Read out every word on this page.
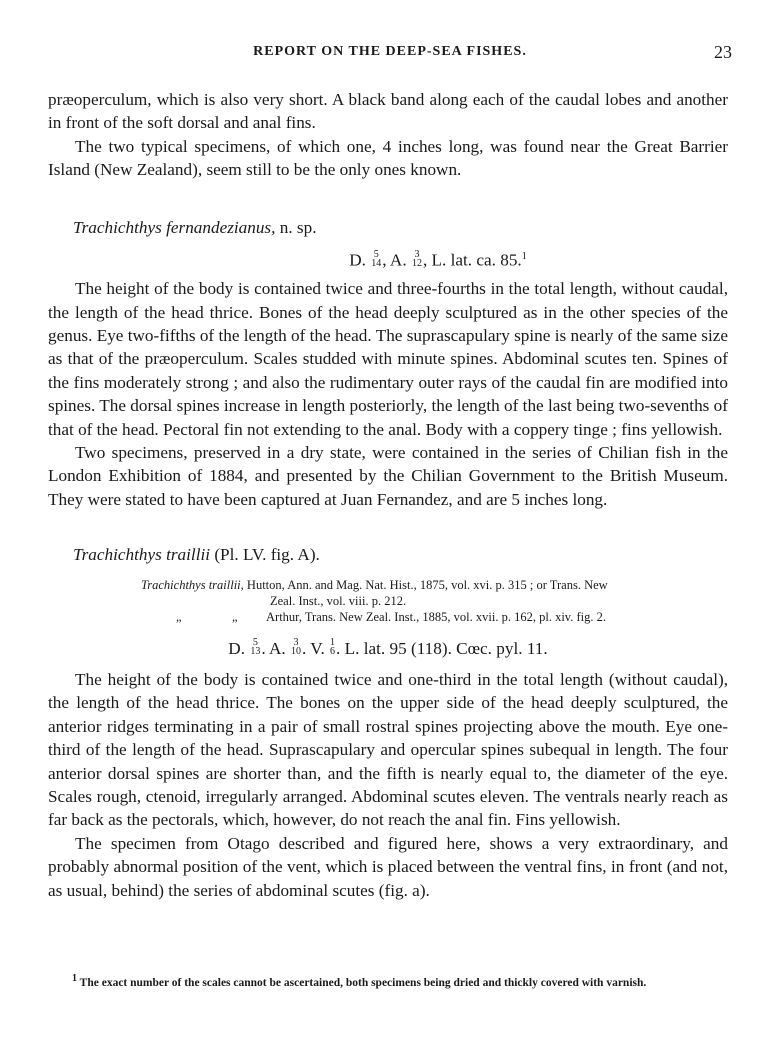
REPORT ON THE DEEP-SEA FISHES.	23

præoperculum, which is also very short. A black band along each of the caudal lobes and another in front of the soft dorsal and anal fins.

The two typical specimens, of which one, 4 inches long, was found near the Great Barrier Island (New Zealand), seem still to be the only ones known.

Trachichthys fernandezianus, n. sp.

D. 5
14 , A. 3
12 , L. lat. ca. 85.$^1$

The height of the body is contained twice and three-fourths in the total length, without caudal, the length of the head thrice. Bones of the head deeply sculptured as in the other species of the genus. Eye two-fifths of the length of the head. The suprascapulary spine is nearly of the same size as that of the præoperculum. Scales studded with minute spines. Abdominal scutes ten. Spines of the fins moderately strong ; and also the rudimentary outer rays of the caudal fin are modified into spines. The dorsal spines increase in length posteriorly, the length of the last being two-sevenths of that of the head. Pectoral fin not extending to the anal. Body with a coppery tinge ; fins yellowish.

Two specimens, preserved in a dry state, were contained in the series of Chilian fish in the London Exhibition of 1884, and presented by the Chilian Government to the British Museum. They were stated to have been captured at Juan Fernandez, and are 5 inches long.

Trachichthys traillii (Pl. LV. fig. A).

Trachichthys traillii, Hutton, Ann. and Mag. Nat. Hist., 1875, vol. xvi. p. 315 ; or Trans. New
Zeal. Inst., vol. viii. p. 212.
„	„ Arthur, Trans. New Zeal. Inst., 1885, vol. xvii. p. 162, pl. xiv. fig. 2.
D. 5
13 . A. 3
10 . V. 1
6 . L. lat. 95 (118). Cœc. pyl. 11.

The height of the body is contained twice and one-third in the total length (without caudal), the length of the head thrice. The bones on the upper side of the head deeply sculptured, the anterior ridges terminating in a pair of small rostral spines projecting above the mouth. Eye one-third of the length of the head. Suprascapulary and opercular spines subequal in length. The four anterior dorsal spines are shorter than, and the fifth is nearly equal to, the diameter of the eye. Scales rough, ctenoid, irregularly arranged. Abdominal scutes eleven. The ventrals nearly reach as far back as the pectorals, which, however, do not reach the anal fin. Fins yellowish.

The specimen from Otago described and figured here, shows a very extraordinary, and probably abnormal position of the vent, which is placed between the ventral fins, in front (and not, as usual, behind) the series of abdominal scutes (fig. a).

$^1$ The exact number of the scales cannot be ascertained, both specimens being dried and thickly covered with varnish.
